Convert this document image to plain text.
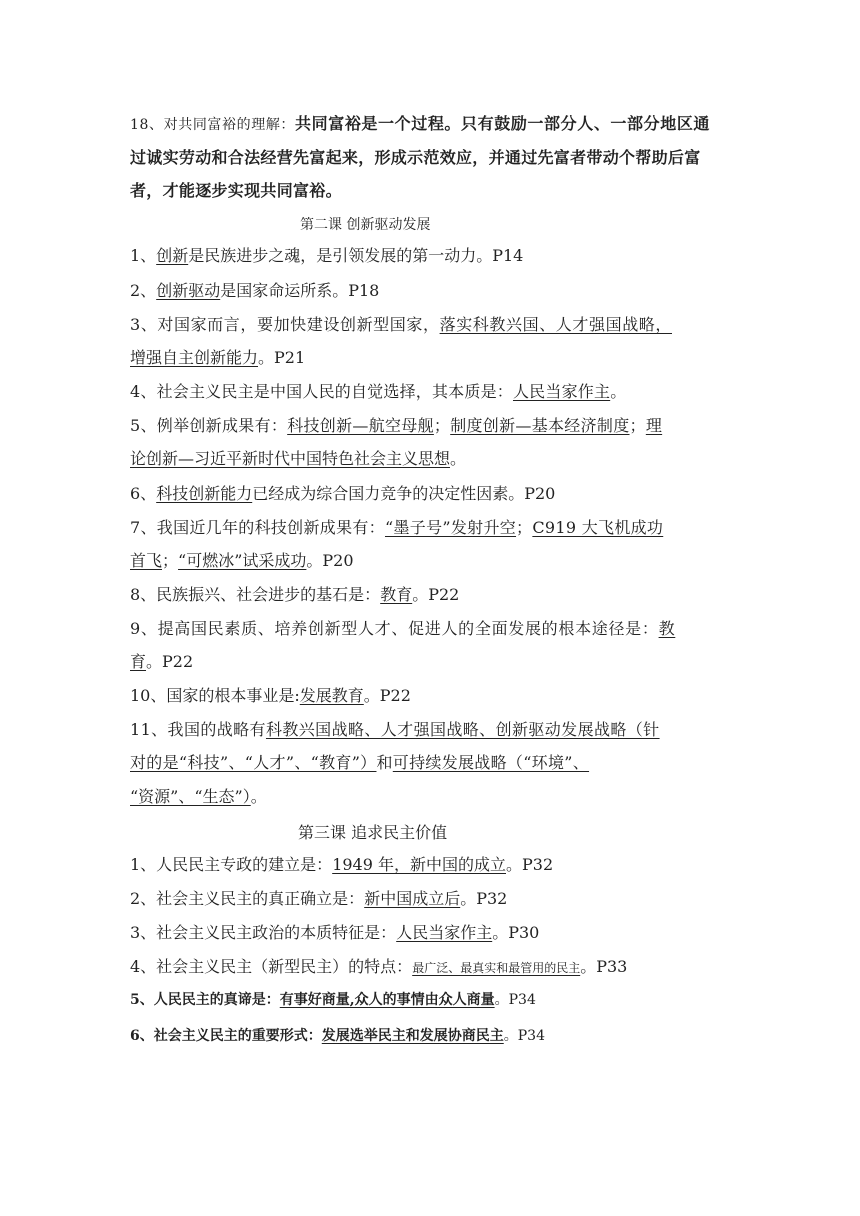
18、对共同富裕的理解：共同富裕是一个过程。只有鼓励一部分人、一部分地区通
过诚实劳动和合法经营先富起来，形成示范效应，并通过先富者带动个帮助后富
者，才能逐步实现共同富裕。
第二课 创新驱动发展
1、创新是民族进步之魂，是引领发展的第一动力。P14
2、创新驱动是国家命运所系。P18
3、对国家而言，要加快建设创新型国家，落实科教兴国、人才强国战略，
增强自主创新能力。P21
4、社会主义民主是中国人民的自觉选择，其本质是：人民当家作主。
5、例举创新成果有：科技创新—航空母舰；制度创新—基本经济制度；理
论创新—习近平新时代中国特色社会主义思想。
6、科技创新能力已经成为综合国力竞争的决定性因素。P20
7、我国近几年的科技创新成果有：“墨子号”发射升空；C919 大飞机成功
首飞；“可燃冰”试采成功。P20
8、民族振兴、社会进步的基石是：教育。P22
9、提高国民素质、培养创新型人才、促进人的全面发展的根本途径是：教
育。P22
10、国家的根本事业是:发展教育。P22
11、我国的战略有科教兴国战略、人才强国战略、创新驱动发展战略（针
对的是“科技”、“人才”、“教育”）和可持续发展战略（“环境”、
“资源”、“生态”）。
第三课 追求民主价值
1、人民民主专政的建立是：1949 年，新中国的成立。P32
2、社会主义民主的真正确立是：新中国成立后。P32
3、社会主义民主政治的本质特征是：人民当家作主。P30
4、社会主义民主（新型民主）的特点：最广泛、最真实和最管用的民主。P33
5、人民民主的真谛是：有事好商量,众人的事情由众人商量。P34
6、社会主义民主的重要形式：发展选举民主和发展协商民主。P34
